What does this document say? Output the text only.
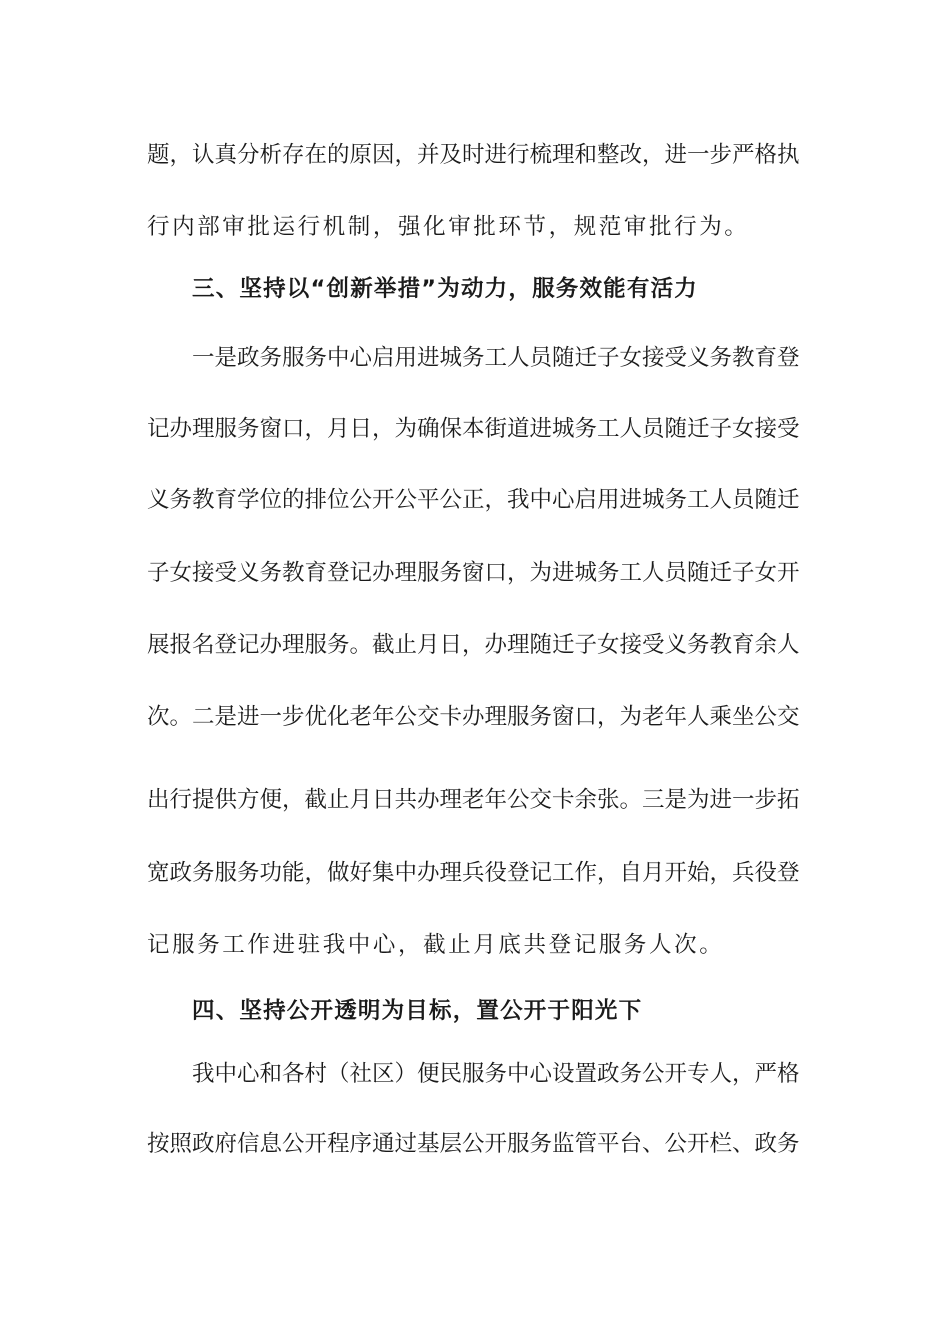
题，认真分析存在的原因，并及时进行梳理和整改，进一步严格执
行内部审批运行机制，强化审批环节，规范审批行为。
三、坚持以“创新举措”为动力，服务效能有活力
一是政务服务中心启用进城务工人员随迁子女接受义务教育登
记办理服务窗口，月日，为确保本街道进城务工人员随迁子女接受
义务教育学位的排位公开公平公正，我中心启用进城务工人员随迁
子女接受义务教育登记办理服务窗口，为进城务工人员随迁子女开
展报名登记办理服务。截止月日，办理随迁子女接受义务教育余人
次。二是进一步优化老年公交卡办理服务窗口，为老年人乘坐公交
出行提供方便，截止月日共办理老年公交卡余张。三是为进一步拓
宽政务服务功能，做好集中办理兵役登记工作，自月开始，兵役登
记服务工作进驻我中心，截止月底共登记服务人次。
四、坚持公开透明为目标，置公开于阳光下
我中心和各村（社区）便民服务中心设置政务公开专人，严格
按照政府信息公开程序通过基层公开服务监管平台、公开栏、政务
